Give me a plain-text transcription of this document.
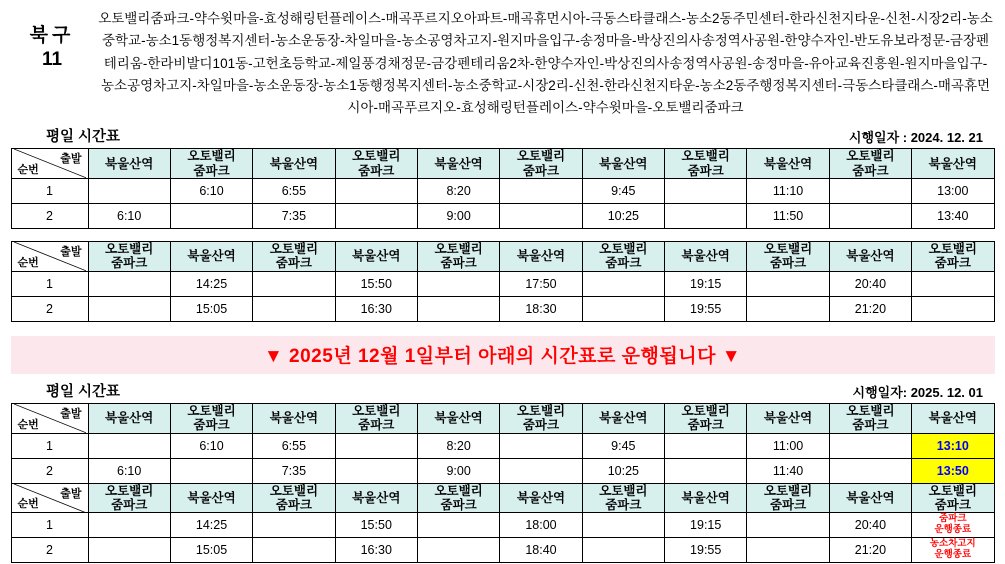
북구
11
오토밸리줌파크-약수윗마을-효성해링턴플레이스-매곡푸르지오아파트-매곡휴먼시아-극동스타클래스-농소2동주민센터-한라신천지타운-신천-시장2리-농소중학교-농소1동행정복지센터-농소운동장-차일마을-농소공영차고지-원지마을입구-송정마을-박상진의사송정역사공원-한양수자인-반도유보라정문-금장펜테리움-한라비발디101동-고헌초등학교-제일풍경채정문-금강펜테리움2차-한양수자인-박상진의사송정역사공원-송정마을-유아교육진흥원-원지마을입구-농소공영차고지-차일마을-농소운동장-농소1동행정복지센터-농소중학교-시장2리-신천-한라신천지타운-농소2동주행정복지센터-극동스타클래스-매곡휴먼시아-매곡푸르지오-효성해링턴플레이스-약수윗마을-오토밸리줌파크
평일 시간표	시행일자 : 2024. 12. 21
출발
순번	북울산역	오토밸리
줌파크	북울산역	오토밸리
줌파크	북울산역	오토밸리
줌파크	북울산역	오토밸리
줌파크	북울산역	오토밸리
줌파크	북울산역
1		6:10	6:55		8:20		9:45		11:10		13:00
2	6:10		7:35		9:00		10:25		11:50		13:40
출발
순번	오토밸리
줌파크	북울산역	오토밸리
줌파크	북울산역	오토밸리
줌파크	북울산역	오토밸리
줌파크	북울산역	오토밸리
줌파크	북울산역	오토밸리
줌파크
1		14:25		15:50		17:50		19:15		20:40	
2		15:05		16:30		18:30		19:55		21:20	
▼ 2025년 12월 1일부터 아래의 시간표로 운행됩니다 ▼
평일 시간표	시행일자: 2025. 12. 01
출발
순번	북울산역	오토밸리
줌파크	북울산역	오토밸리
줌파크	북울산역	오토밸리
줌파크	북울산역	오토밸리
줌파크	북울산역	오토밸리
줌파크	북울산역
1		6:10	6:55		8:20		9:45		11:00		13:10
2	6:10		7:35		9:00		10:25		11:40		13:50

출발
순번	오토밸리
줌파크	북울산역	오토밸리
줌파크	북울산역	오토밸리
줌파크	북울산역	오토밸리
줌파크	북울산역	오토밸리
줌파크	북울산역	오토밸리
줌파크
1		14:25		15:50		18:00		19:15		20:40	줌파크
운행종료

2		15:05		16:30		18:40		19:55		21:20	농소차고지
운행종료
